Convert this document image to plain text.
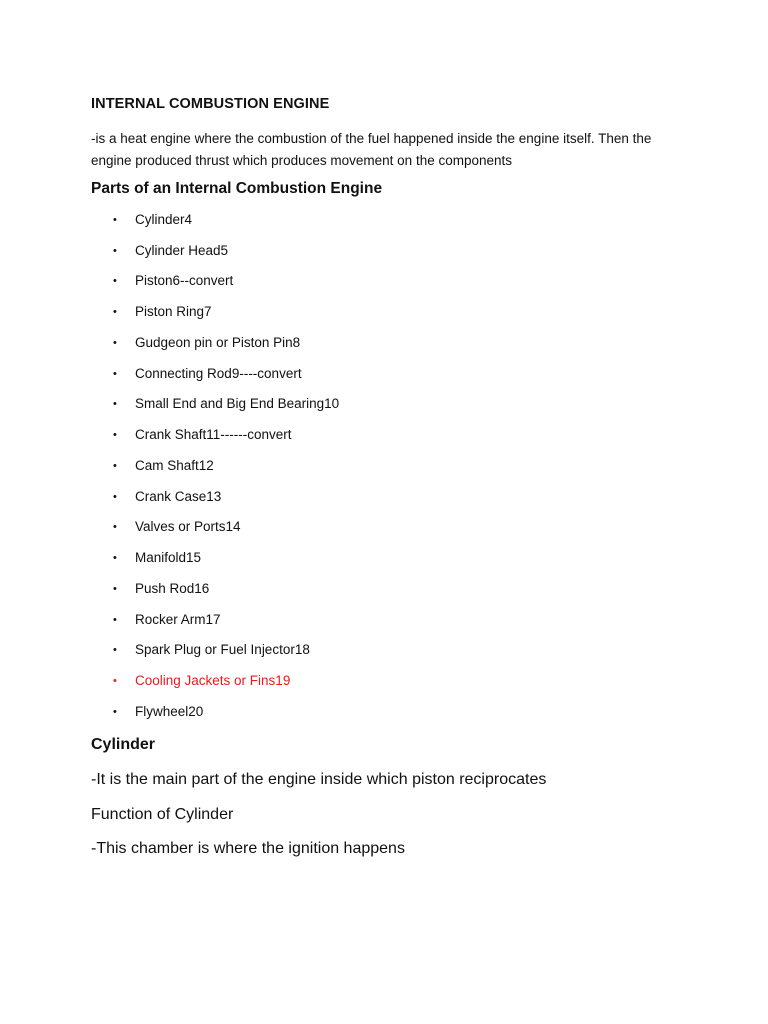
INTERNAL COMBUSTION ENGINE
-is a heat engine where the combustion of the fuel happened inside the engine itself. Then the engine produced thrust which produces movement on the components
Parts of an Internal Combustion Engine
•	Cylinder4
•	Cylinder Head5
•	Piston6--convert
•	Piston Ring7
•	Gudgeon pin or Piston Pin8
•	Connecting Rod9----convert
•	Small End and Big End Bearing10
•	Crank Shaft11------convert
•	Cam Shaft12
•	Crank Case13
•	Valves or Ports14
•	Manifold15
•	Push Rod16
•	Rocker Arm17
•	Spark Plug or Fuel Injector18
•	Cooling Jackets or Fins19
•	Flywheel20
Cylinder
-It is the main part of the engine inside which piston reciprocates
Function of Cylinder
-This chamber is where the ignition happens
